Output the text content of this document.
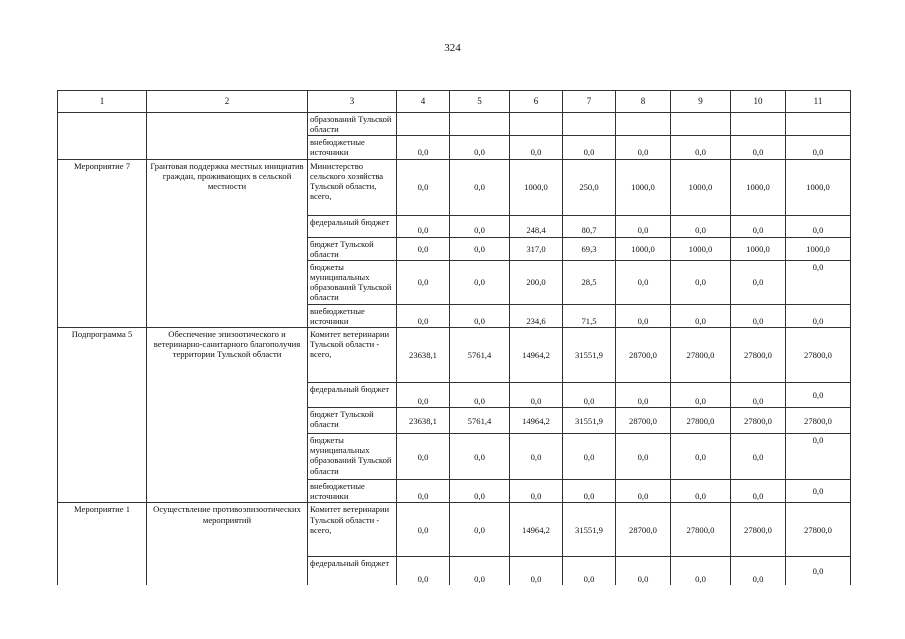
324
1	2	3	4	5	6	7	8	9	10	11
		образований Тульской области								
		внебюджетные источники	0,0	0,0	0,0	0,0	0,0	0,0	0,0	0,0
Мероприятие 7	Грантовая поддержка местных инициатив граждан, проживающих в сельской местности	Министерство сельского хозяйства Тульской области, всего,	0,0	0,0	1000,0	250,0	1000,0	1000,0	1000,0	1000,0
		федеральный бюджет	0,0	0,0	248,4	80,7	0,0	0,0	0,0	0,0
		бюджет Тульской области	0,0	0,0	317,0	69,3	1000,0	1000,0	1000,0	1000,0
		бюджеты муниципальных образований Тульской области	0,0	0,0	200,0	28,5	0,0	0,0	0,0	0,0
		внебюджетные источники	0,0	0,0	234,6	71,5	0,0	0,0	0,0	0,0
Подпрограмма 5	Обеспечение эпизоотического и ветеринарно-санитарного благополучия территории Тульской области	Комитет ветеринарии Тульской области - всего,	23638,1	5761,4	14964,2	31551,9	28700,0	27800,0	27800,0	27800,0
		федеральный бюджет	0,0	0,0	0,0	0,0	0,0	0,0	0,0	0,0
		бюджет Тульской области	23638,1	5761,4	14964,2	31551,9	28700,0	27800,0	27800,0	27800,0
		бюджеты муниципальных образований Тульской области	0,0	0,0	0,0	0,0	0,0	0,0	0,0	0,0
		внебюджетные источники	0,0	0,0	0,0	0,0	0,0	0,0	0,0	0,0
Мероприятие 1	Осуществление противоэпизоотических мероприятий	Комитет ветеринарии Тульской области - всего,	0,0	0,0	14964,2	31551,9	28700,0	27800,0	27800,0	27800,0
		федеральный бюджет	0,0	0,0	0,0	0,0	0,0	0,0	0,0	0,0
